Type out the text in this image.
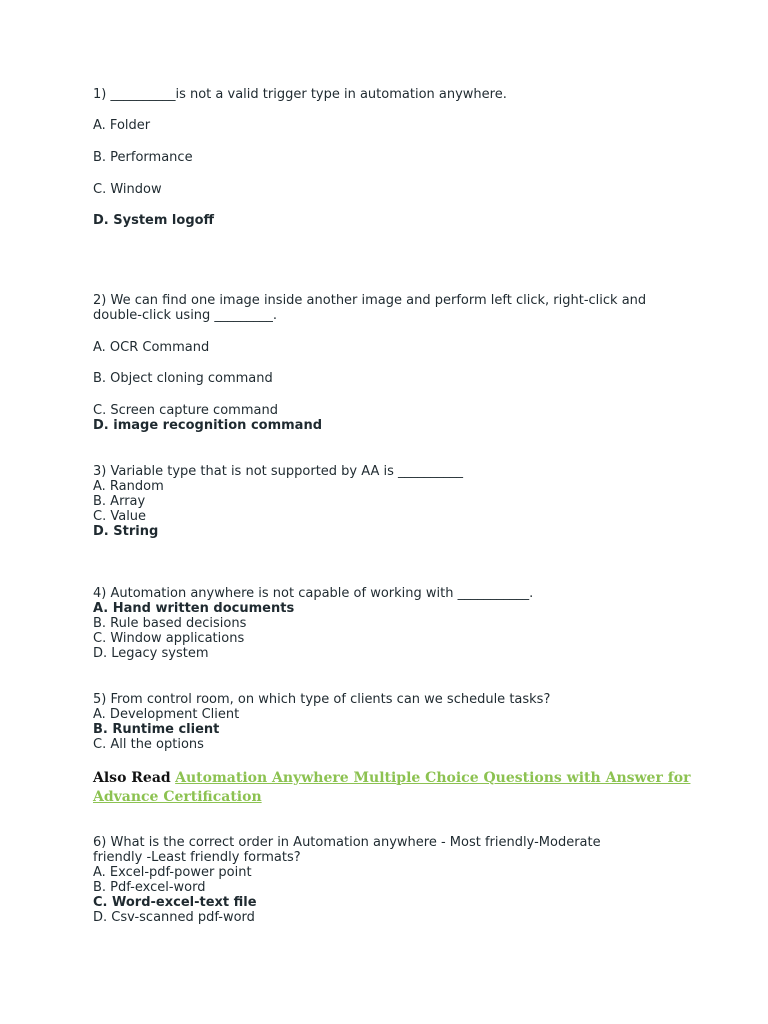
1) __________is not a valid trigger type in automation anywhere.
A. Folder
B. Performance
C. Window
D. System logoff
2) We can find one image inside another image and perform left click, right-click and
double-click using _________.
A. OCR Command
B. Object cloning command
C. Screen capture command
D. image recognition command
3) Variable type that is not supported by AA is __________
A. Random
B. Array
C. Value
D. String
4) Automation anywhere is not capable of working with ___________.
A. Hand written documents
B. Rule based decisions
C. Window applications
D. Legacy system
5) From control room, on which type of clients can we schedule tasks?
A. Development Client
B. Runtime client
C. All the options
Also Read Automation Anywhere Multiple Choice Questions with Answer for Advance Certification
6) What is the correct order in Automation anywhere - Most friendly-Moderate
friendly -Least friendly formats?
A. Excel-pdf-power point
B. Pdf-excel-word
C. Word-excel-text file
D. Csv-scanned pdf-word
